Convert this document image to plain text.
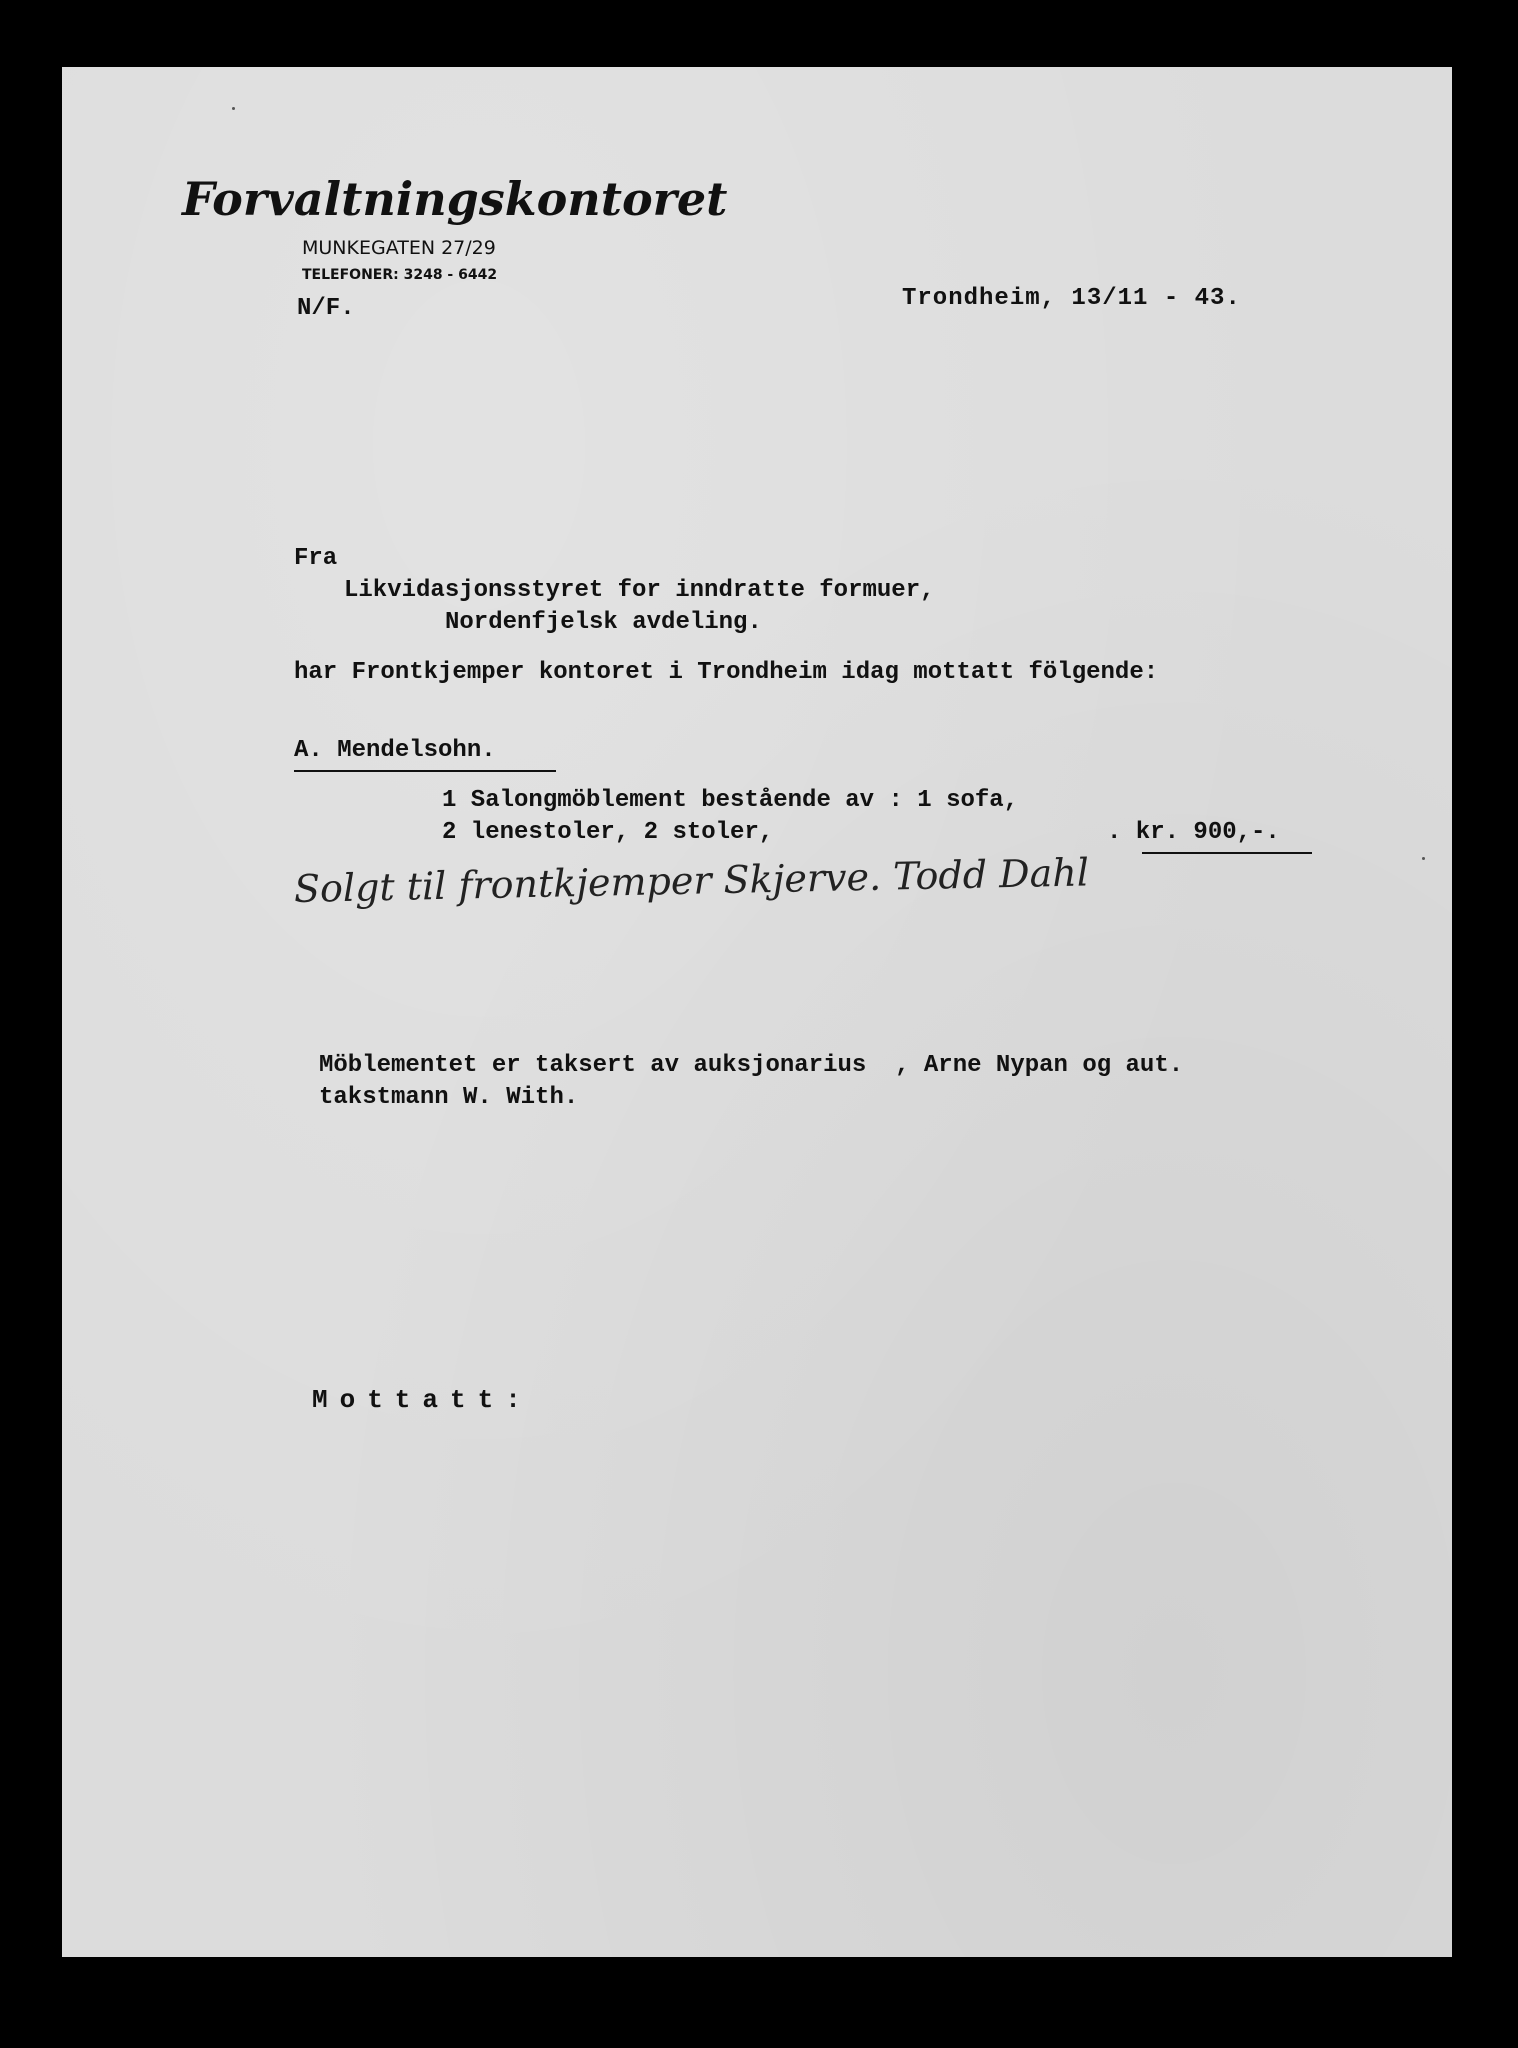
Forvaltningskontoret
MUNKEGATEN 27/29
TELEFONER: 3248 - 6442
N/F.	Trondheim, 13/11 - 43.
Fra
Likvidasjonsstyret for inndratte formuer,
Nordenfjelsk avdeling.
har Frontkjemper kontoret i Trondheim idag mottatt fölgende:
A. Mendelsohn.
1 Salongmöblement bestående av : 1 sofa,
2 lenestoler, 2 stoler,	. kr. 900,-.
Solgt til frontkjemper Skjerve. Todd Dahl
Möblementet er taksert av auksjonarius  , Arne Nypan og aut.
takstmann W. With.
Mottatt:
